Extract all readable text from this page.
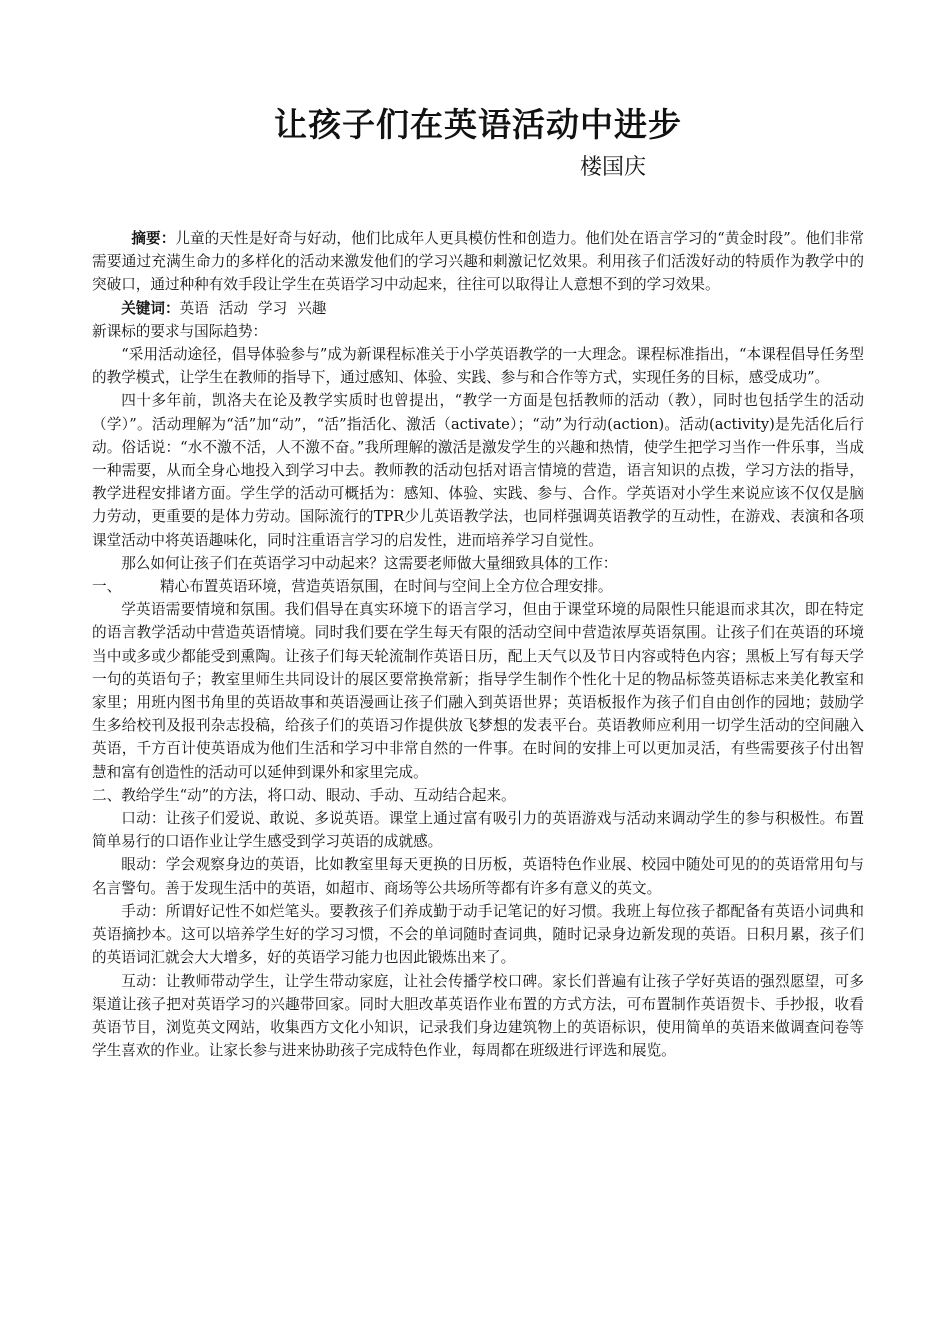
让孩子们在英语活动中进步
楼国庆

摘要：儿童的天性是好奇与好动，他们比成年人更具模仿性和创造力。他们处在语言学习的“黄金时段”。他们非常需要通过充满生命力的多样化的活动来激发他们的学习兴趣和刺激记忆效果。利用孩子们活泼好动的特质作为教学中的突破口，通过种种有效手段让学生在英语学习中动起来，往往可以取得让人意想不到的学习效果。

关键词：英语 活动 学习 兴趣

新课标的要求与国际趋势：

“采用活动途径，倡导体验参与”成为新课程标准关于小学英语教学的一大理念。课程标准指出，“本课程倡导任务型的教学模式，让学生在教师的指导下，通过感知、体验、实践、参与和合作等方式，实现任务的目标，感受成功”。

四十多年前，凯洛夫在论及教学实质时也曾提出，“教学一方面是包括教师的活动（教），同时也包括学生的活动（学）”。活动理解为“活”加“动”，“活”指活化、激活（activate）；“动”为行动(action)。活动(activity)是先活化后行动。俗话说：“水不激不活，人不激不奋。”我所理解的激活是激发学生的兴趣和热情，使学生把学习当作一件乐事，当成一种需要，从而全身心地投入到学习中去。教师教的活动包括对语言情境的营造，语言知识的点拨，学习方法的指导，教学进程安排诸方面。学生学的活动可概括为：感知、体验、实践、参与、合作。学英语对小学生来说应该不仅仅是脑力劳动，更重要的是体力劳动。国际流行的TPR少儿英语教学法，也同样强调英语教学的互动性，在游戏、表演和各项课堂活动中将英语趣味化，同时注重语言学习的启发性，进而培养学习自觉性。

那么如何让孩子们在英语学习中动起来？这需要老师做大量细致具体的工作：

一、	精心布置英语环境，营造英语氛围，在时间与空间上全方位合理安排。

学英语需要情境和氛围。我们倡导在真实环境下的语言学习，但由于课堂环境的局限性只能退而求其次，即在特定的语言教学活动中营造英语情境。同时我们要在学生每天有限的活动空间中营造浓厚英语氛围。让孩子们在英语的环境当中或多或少都能受到熏陶。让孩子们每天轮流制作英语日历，配上天气以及节日内容或特色内容；黑板上写有每天学一句的英语句子；教室里师生共同设计的展区要常换常新；指导学生制作个性化十足的物品标签英语标志来美化教室和家里；用班内图书角里的英语故事和英语漫画让孩子们融入到英语世界；英语板报作为孩子们自由创作的园地；鼓励学生多给校刊及报刊杂志投稿，给孩子们的英语习作提供放飞梦想的发表平台。英语教师应利用一切学生活动的空间融入英语，千方百计使英语成为他们生活和学习中非常自然的一件事。在时间的安排上可以更加灵活，有些需要孩子付出智慧和富有创造性的活动可以延伸到课外和家里完成。

二、教给学生“动”的方法，将口动、眼动、手动、互动结合起来。

口动：让孩子们爱说、敢说、多说英语。课堂上通过富有吸引力的英语游戏与活动来调动学生的参与积极性。布置简单易行的口语作业让学生感受到学习英语的成就感。

眼动：学会观察身边的英语，比如教室里每天更换的日历板，英语特色作业展、校园中随处可见的的英语常用句与名言警句。善于发现生活中的英语，如超市、商场等公共场所等都有许多有意义的英文。

手动：所谓好记性不如烂笔头。要教孩子们养成勤于动手记笔记的好习惯。我班上每位孩子都配备有英语小词典和英语摘抄本。这可以培养学生好的学习习惯，不会的单词随时查词典，随时记录身边新发现的英语。日积月累，孩子们的英语词汇就会大大增多，好的英语学习能力也因此锻炼出来了。

互动：让教师带动学生，让学生带动家庭，让社会传播学校口碑。家长们普遍有让孩子学好英语的强烈愿望，可多渠道让孩子把对英语学习的兴趣带回家。同时大胆改革英语作业布置的方式方法，可布置制作英语贺卡、手抄报，收看英语节目，浏览英文网站，收集西方文化小知识，记录我们身边建筑物上的英语标识，使用简单的英语来做调查问卷等学生喜欢的作业。让家长参与进来协助孩子完成特色作业，每周都在班级进行评选和展览。
